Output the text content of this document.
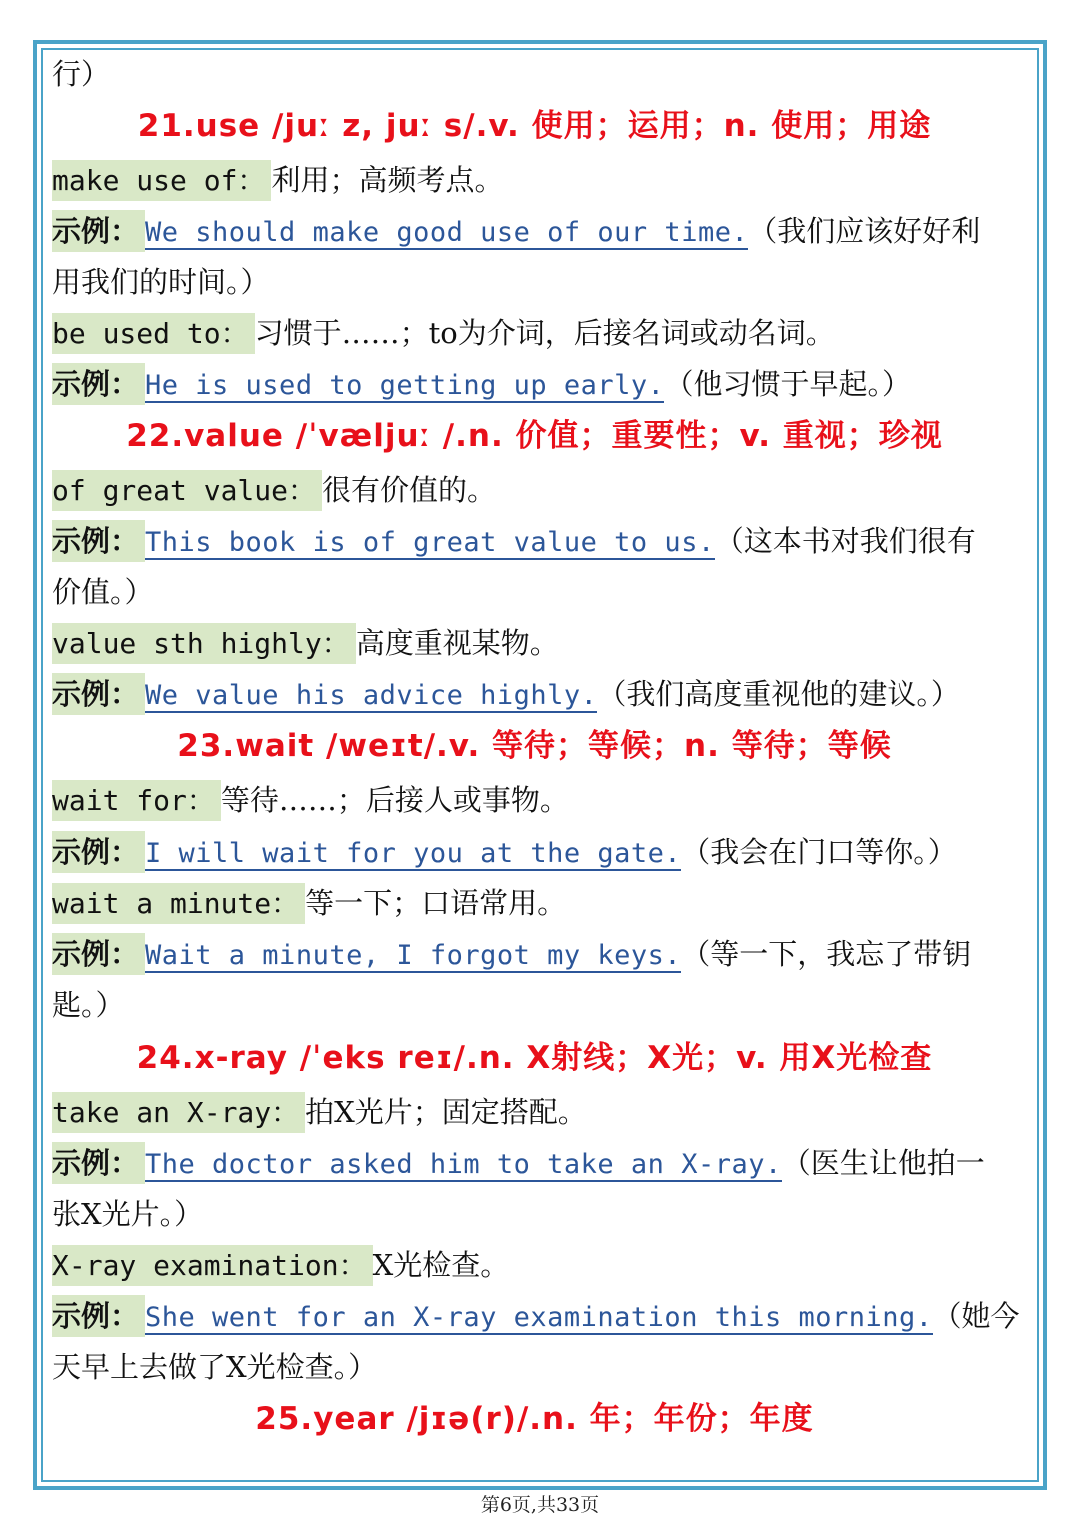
行）
21.use /juː z, juː s/.v. 使用；运用；n. 使用；用途
make use of： 利用；高频考点。
示例： We should make good use of our time.（我们应该好好利
用我们的时间。）
be used to： 习惯于……；to为介词，后接名词或动名词。
示例： He is used to getting up early.（他习惯于早起。）
22.value /ˈvæljuː /.n. 价值；重要性；v. 重视；珍视
of great value： 很有价值的。
示例： This book is of great value to us.（这本书对我们很有
价值。）
value sth highly： 高度重视某物。
示例： We value his advice highly.（我们高度重视他的建议。）
23.wait /weɪt/.v. 等待；等候；n. 等待；等候
wait for： 等待……；后接人或事物。
示例： I will wait for you at the gate.（我会在门口等你。）
wait a minute： 等一下；口语常用。
示例： Wait a minute, I forgot my keys.（等一下，我忘了带钥
匙。）
24.x-ray /ˈeks reɪ/.n. X射线；X光；v. 用X光检查
take an X-ray： 拍X光片；固定搭配。
示例： The doctor asked him to take an X-ray.（医生让他拍一
张X光片。）
X-ray examination： X光检查。
示例： She went for an X-ray examination this morning.（她今
天早上去做了X光检查。）
25.year /jɪə(r)/.n. 年；年份；年度
第6页,共33页
